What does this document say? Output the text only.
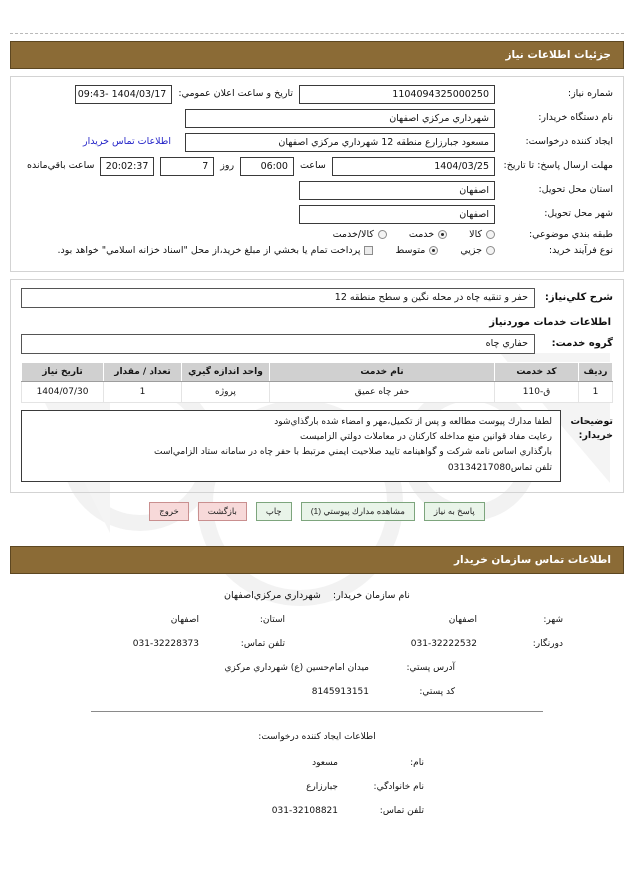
جزئيات اطلاعات نياز
شماره نياز:
1104094325000250
تاريخ و ساعت اعلان عمومي:
1404/03/17 -09:43
نام دستگاه خريدار:
شهرداري مركزي اصفهان
ايجاد كننده درخواست:
مسعود جبارزارع منطقه 12 شهرداري مركزي اصفهان
اطلاعات تماس خريدار
مهلت ارسال پاسخ: تا تاريخ:
1404/03/25
ساعت
06:00
روز
7
20:02:37
ساعت باقي‌مانده
استان محل تحويل:
اصفهان
شهر محل تحويل:
اصفهان
طبقه بندي موضوعي:
كالا
خدمت
كالا/خدمت
نوع فرآيند خريد:
جزيي
متوسط
پرداخت تمام يا بخشي از مبلغ خريد،از محل "اسناد خزانه اسلامي" خواهد بود.
شرح كلي‌نياز:
حفر و تنقيه چاه در محله نگين و سطح منطقه 12
اطلاعات خدمات موردنياز
گروه خدمت:
حفاري چاه
رديف	كد خدمت	نام خدمت	واحد اندازه گيري	تعداد / مقدار	تاريخ نياز
1	ق-110	حفر چاه عميق	پروژه	1	1404/07/30
توضيحات خريدار:
لطفا مدارك پيوست مطالعه و پس از تكميل،مهر و امضاء شده بارگذاي‌شود
رعايت مفاد قوانين منع مداخله كاركنان در معاملات دولتي الزاميست
بارگذاري اساس نامه شركت و گواهينامه تاييد صلاحيت ايمني مرتبط با حفر چاه در سامانه ستاد الزامي‌است
تلفن تماس03134217080
پاسخ به نياز
مشاهده مدارك پيوستي (1)
چاپ
بازگشت
خروج
اطلاعات تماس سازمان خريدار
نام سازمان خريدار:    شهرداري مركزي‌اصفهان
شهر:
اصفهان
استان:
اصفهان
دورنگار:
031-32222532
تلفن تماس:
031-32228373
آدرس پستي:
ميدان امام‌حسين (ع) شهرداري مركزي
كد پستي:
8145913151
اطلاعات ايجاد كننده درخواست:
نام:
مسعود
نام خانوادگي:
جبارزارع
تلفن تماس:
031-32108821
